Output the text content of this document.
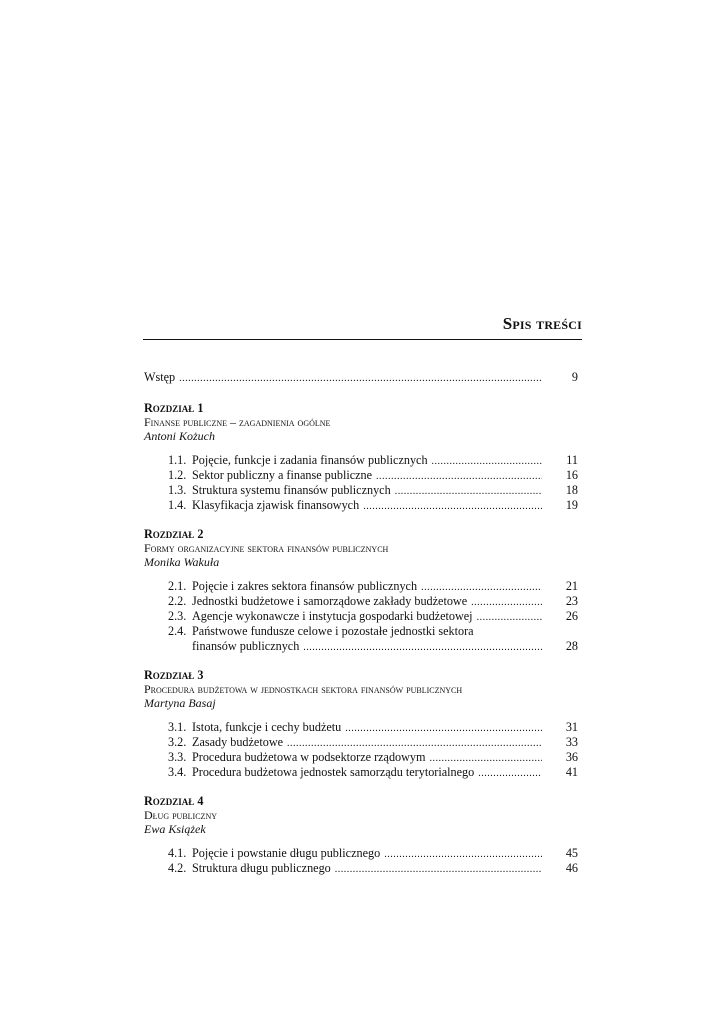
Spis treści
Wstęp .....	9
Rozdział 1
Finanse publiczne – zagadnienia ogólne
Antoni Kożuch
1.1. Pojęcie, funkcje i zadania finansów publicznych .....	11
1.2. Sektor publiczny a finanse publiczne .....	16
1.3. Struktura systemu finansów publicznych .....	18
1.4. Klasyfikacja zjawisk finansowych .....	19
Rozdział 2
Formy organizacyjne sektora finansów publicznych
Monika Wakuła
2.1. Pojęcie i zakres sektora finansów publicznych .....	21
2.2. Jednostki budżetowe i samorządowe zakłady budżetowe .....	23
2.3. Agencje wykonawcze i instytucja gospodarki budżetowej .....	26
2.4. Państwowe fundusze celowe i pozostałe jednostki sektora
finansów publicznych .....	28
Rozdział 3
Procedura budżetowa w jednostkach sektora finansów publicznych
Martyna Basaj
3.1. Istota, funkcje i cechy budżetu .....	31
3.2. Zasady budżetowe .....	33
3.3. Procedura budżetowa w podsektorze rządowym .....	36
3.4. Procedura budżetowa jednostek samorządu terytorialnego .....	41
Rozdział 4
Dług publiczny
Ewa Książek
4.1. Pojęcie i powstanie długu publicznego .....	45
4.2. Struktura długu publicznego .....	46
